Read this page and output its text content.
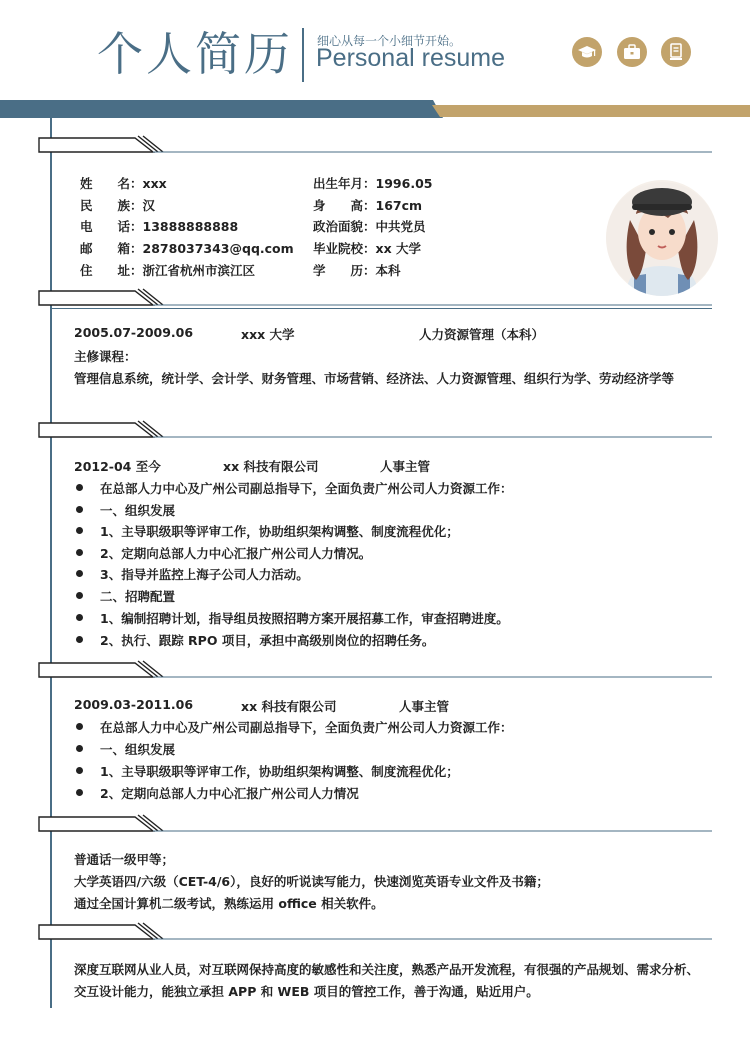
个人简历 细心从每一个小细节开始。
Personal resume
姓　　名：xxx
民　　族：汉
电　　话：13888888888
邮　　箱：2878037343@qq.com
住　　址：浙江省杭州市滨江区
出生年月：1996.05
身　　高：167cm
政治面貌：中共党员
毕业院校：xx 大学
学　　历：本科
2005.07-2009.06	xxx 大学	人力资源管理（本科）
主修课程：
管理信息系统，统计学、会计学、财务管理、市场营销、经济法、人力资源管理、组织行为学、劳动经济学等
2012-04 至今	xx 科技有限公司	人事主管
在总部人力中心及广州公司副总指导下，全面负责广州公司人力资源工作：
一、组织发展
1、主导职级职等评审工作，协助组织架构调整、制度流程优化；
2、定期向总部人力中心汇报广州公司人力情况。
3、指导并监控上海子公司人力活动。
二、招聘配置
1、编制招聘计划，指导组员按照招聘方案开展招募工作，审查招聘进度。
2、执行、跟踪 RPO 项目，承担中高级别岗位的招聘任务。
2009.03-2011.06	xx 科技有限公司	人事主管
在总部人力中心及广州公司副总指导下，全面负责广州公司人力资源工作：
一、组织发展
1、主导职级职等评审工作，协助组织架构调整、制度流程优化；
2、定期向总部人力中心汇报广州公司人力情况
普通话一级甲等；
大学英语四/六级（CET-4/6），良好的听说读写能力，快速浏览英语专业文件及书籍；
通过全国计算机二级考试，熟练运用 office 相关软件。
深度互联网从业人员，对互联网保持高度的敏感性和关注度，熟悉产品开发流程，有很强的产品规划、需求分析、
交互设计能力，能独立承担 APP 和 WEB 项目的管控工作，善于沟通，贴近用户。
